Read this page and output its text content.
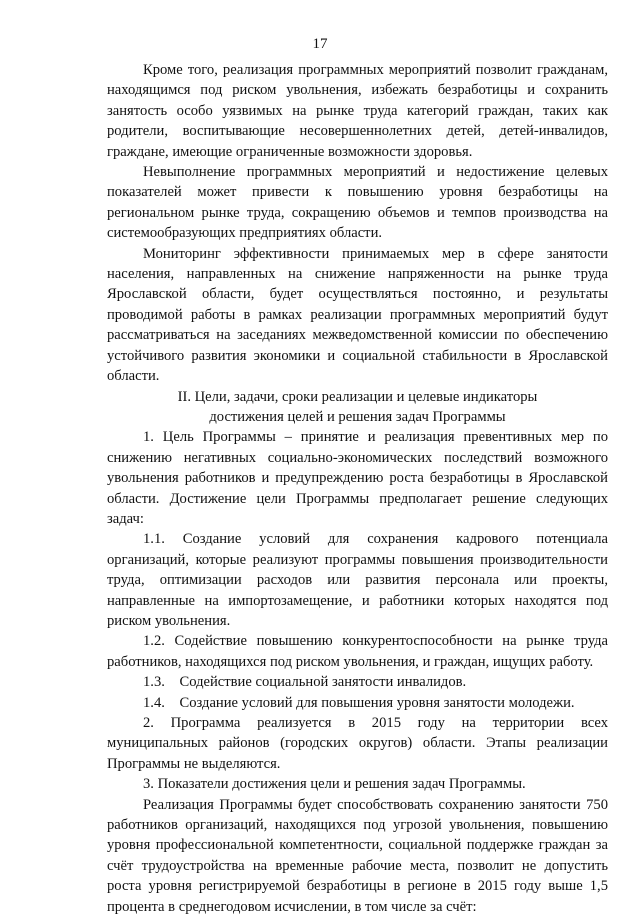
17

Кроме того, реализация программных мероприятий позволит гражданам, находящимся под риском увольнения, избежать безработицы и сохранить занятость особо уязвимых на рынке труда категорий граждан, таких как родители, воспитывающие несовершеннолетних детей, детей-инвалидов, граждане, имеющие ограниченные возможности здоровья.

Невыполнение программных мероприятий и недостижение целевых показателей может привести к повышению уровня безработицы на региональном рынке труда, сокращению объемов и темпов производства на системообразующих предприятиях области.

Мониторинг эффективности принимаемых мер в сфере занятости населения, направленных на снижение напряженности на рынке труда Ярославской области, будет осуществляться постоянно, и результаты проводимой работы в рамках реализации программных мероприятий будут рассматриваться на заседаниях межведомственной комиссии по обеспечению устойчивого развития экономики и социальной стабильности в Ярославской области.

II. Цели, задачи, сроки реализации и целевые индикаторы
достижения целей и решения задач Программы

1. Цель Программы – принятие и реализация превентивных мер по снижению негативных социально-экономических последствий возможного увольнения работников и предупреждению роста безработицы в Ярославской области. Достижение цели Программы предполагает решение следующих задач:

1.1. Создание условий для сохранения кадрового потенциала организаций, которые реализуют программы повышения производительности труда, оптимизации расходов или развития персонала или проекты, направленные на импортозамещение, и работники которых находятся под риском увольнения.

1.2. Содействие повышению конкурентоспособности на рынке труда работников, находящихся под риском увольнения, и граждан, ищущих работу.

1.3.    Содействие социальной занятости инвалидов.

1.4.    Создание условий для повышения уровня занятости молодежи.

2. Программа реализуется в 2015 году на территории всех муниципальных районов (городских округов) области. Этапы реализации Программы не выделяются.

3. Показатели достижения цели и решения задач Программы.

Реализация Программы будет способствовать сохранению занятости 750 работников организаций, находящихся под угрозой увольнения, повышению уровня профессиональной компетентности, социальной поддержке граждан за счёт трудоустройства на временные рабочие места, позволит не допустить роста уровня регистрируемой безработицы в регионе в 2015 году выше 1,5 процента в среднегодовом исчислении, в том числе за счёт:
